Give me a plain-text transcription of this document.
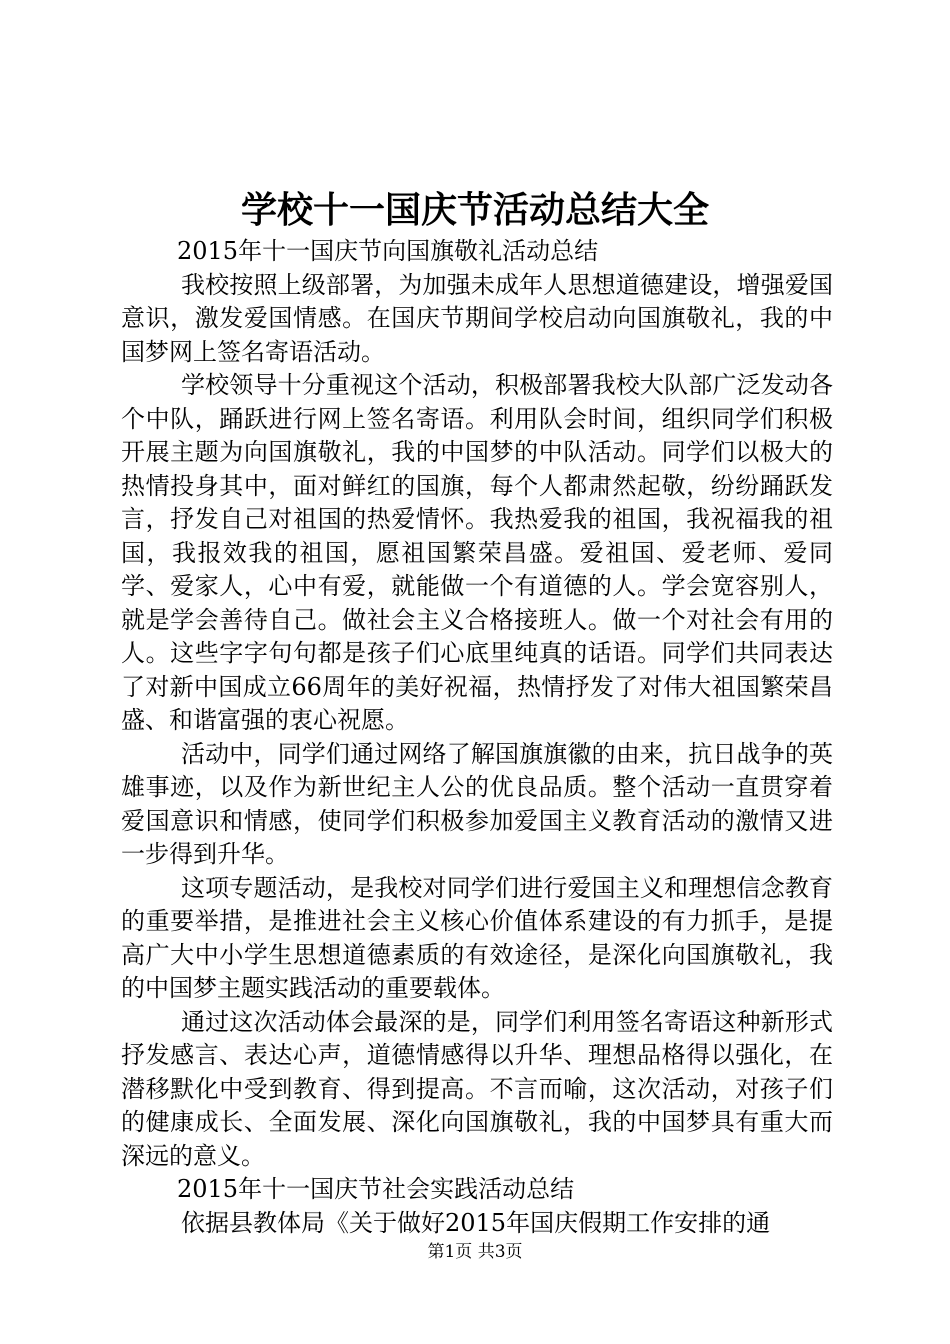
学校十一国庆节活动总结大全

2015年十一国庆节向国旗敬礼活动总结

我校按照上级部署，为加强未成年人思想道德建设，增强爱国意识，激发爱国情感。在国庆节期间学校启动向国旗敬礼，我的中国梦网上签名寄语活动。

学校领导十分重视这个活动，积极部署我校大队部广泛发动各个中队，踊跃进行网上签名寄语。利用队会时间，组织同学们积极开展主题为向国旗敬礼，我的中国梦的中队活动。同学们以极大的热情投身其中，面对鲜红的国旗，每个人都肃然起敬，纷纷踊跃发言，抒发自己对祖国的热爱情怀。我热爱我的祖国，我祝福我的祖国，我报效我的祖国，愿祖国繁荣昌盛。爱祖国、爱老师、爱同学、爱家人，心中有爱，就能做一个有道德的人。学会宽容别人，就是学会善待自己。做社会主义合格接班人。做一个对社会有用的人。这些字字句句都是孩子们心底里纯真的话语。同学们共同表达了对新中国成立66周年的美好祝福，热情抒发了对伟大祖国繁荣昌盛、和谐富强的衷心祝愿。

活动中，同学们通过网络了解国旗旗徽的由来，抗日战争的英雄事迹，以及作为新世纪主人公的优良品质。整个活动一直贯穿着爱国意识和情感，使同学们积极参加爱国主义教育活动的激情又进一步得到升华。

这项专题活动，是我校对同学们进行爱国主义和理想信念教育的重要举措，是推进社会主义核心价值体系建设的有力抓手，是提高广大中小学生思想道德素质的有效途径，是深化向国旗敬礼，我的中国梦主题实践活动的重要载体。

通过这次活动体会最深的是，同学们利用签名寄语这种新形式抒发感言、表达心声，道德情感得以升华、理想品格得以强化，在潜移默化中受到教育、得到提高。不言而喻，这次活动，对孩子们的健康成长、全面发展、深化向国旗敬礼，我的中国梦具有重大而深远的意义。

2015年十一国庆节社会实践活动总结

依据县教体局《关于做好2015年国庆假期工作安排的通

第1页 共3页
